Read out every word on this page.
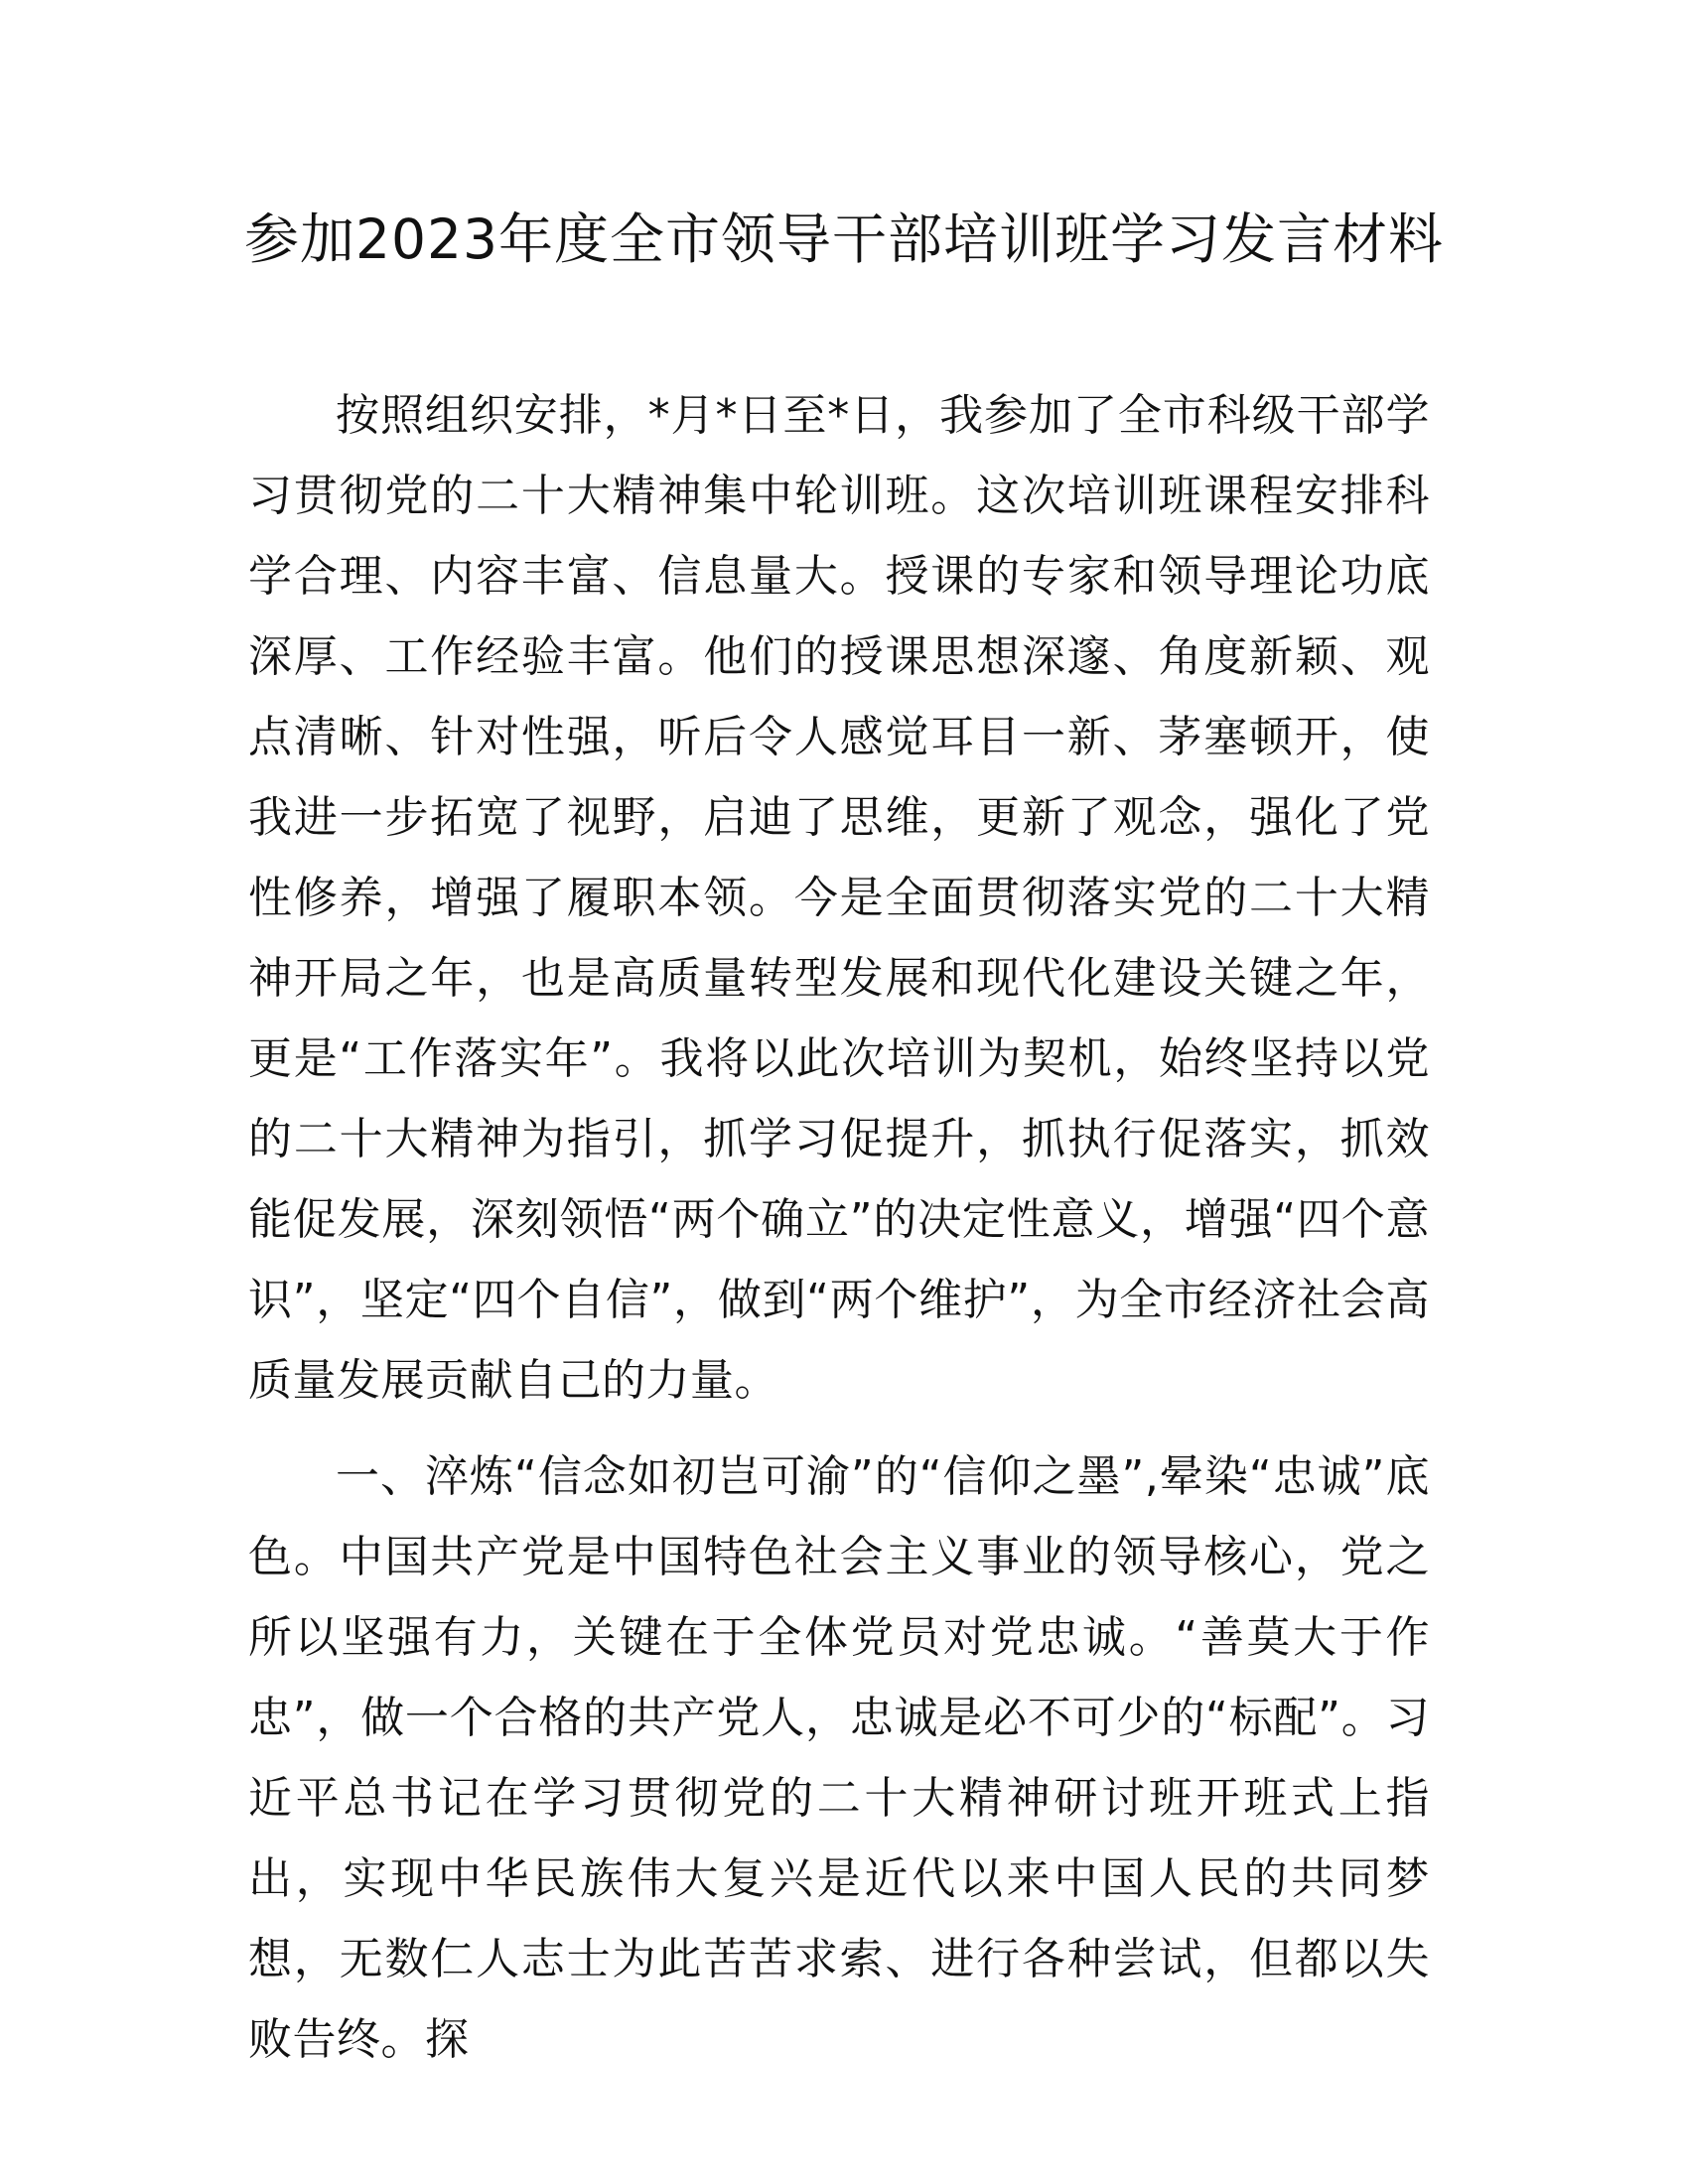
参加2023年度全市领导干部培训班学习发言材料

按照组织安排，*月*日至*日，我参加了全市科级干部学习贯彻党的二十大精神集中轮训班。这次培训班课程安排科学合理、内容丰富、信息量大。授课的专家和领导理论功底深厚、工作经验丰富。他们的授课思想深邃、角度新颖、观点清晰、针对性强，听后令人感觉耳目一新、茅塞顿开，使我进一步拓宽了视野，启迪了思维，更新了观念，强化了党性修养，增强了履职本领。今是全面贯彻落实党的二十大精神开局之年，也是高质量转型发展和现代化建设关键之年，更是“工作落实年”。我将以此次培训为契机，始终坚持以党的二十大精神为指引，抓学习促提升，抓执行促落实，抓效能促发展，深刻领悟“两个确立”的决定性意义，增强“四个意识”，坚定“四个自信”，做到“两个维护”，为全市经济社会高质量发展贡献自己的力量。

一、淬炼“信念如初岂可渝”的“信仰之墨”,晕染“忠诚”底色。中国共产党是中国特色社会主义事业的领导核心，党之所以坚强有力，关键在于全体党员对党忠诚。“善莫大于作忠”，做一个合格的共产党人，忠诚是必不可少的“标配”。习近平总书记在学习贯彻党的二十大精神研讨班开班式上指出，实现中华民族伟大复兴是近代以来中国人民的共同梦想，无数仁人志士为此苦苦求索、进行各种尝试，但都以失败告终。探
